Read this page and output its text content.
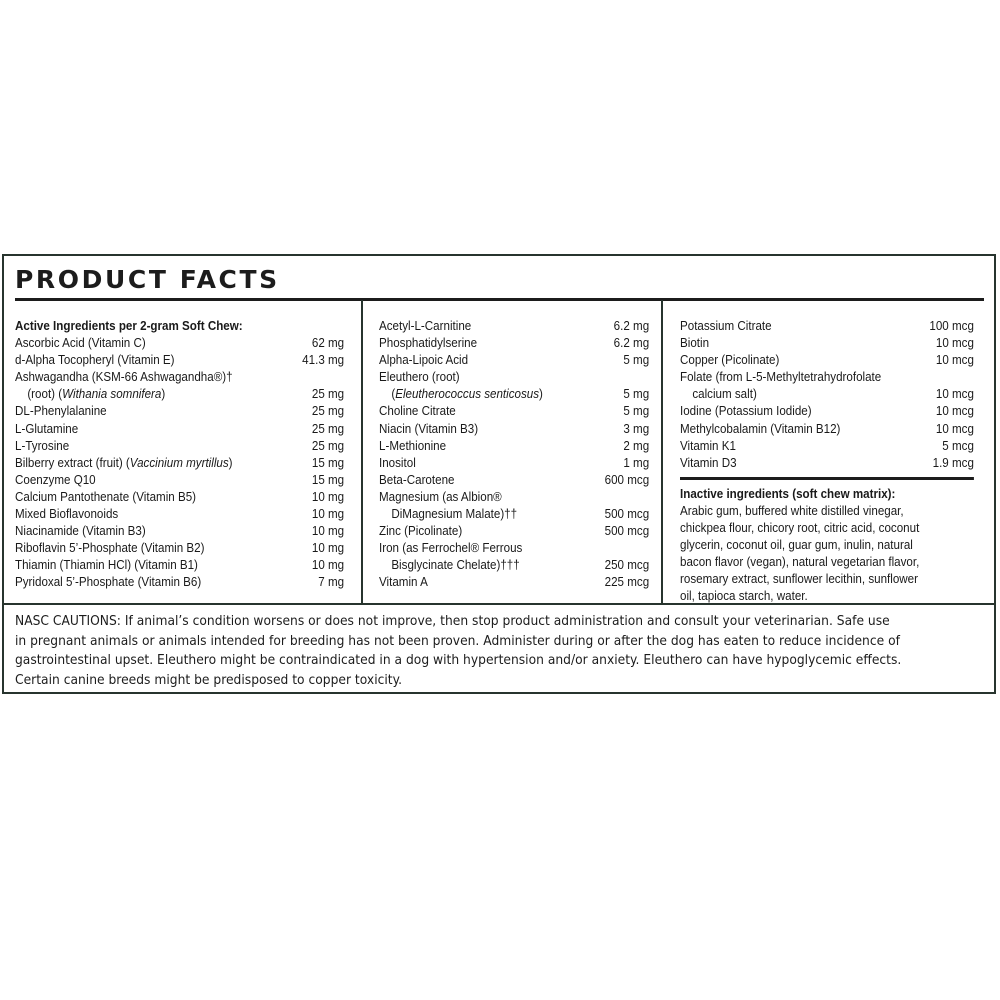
PRODUCT FACTS
Active Ingredients per 2-gram Soft Chew:
Ascorbic Acid (Vitamin C)	62 mg
d-Alpha Tocopheryl (Vitamin E)	41.3 mg
Ashwagandha (KSM-66 Ashwagandha®)†
(root) (Withania somnifera)	25 mg
DL-Phenylalanine	25 mg
L-Glutamine	25 mg
L-Tyrosine	25 mg
Bilberry extract (fruit) (Vaccinium myrtillus)	15 mg
Coenzyme Q10	15 mg
Calcium Pantothenate (Vitamin B5)	10 mg
Mixed Bioflavonoids	10 mg
Niacinamide (Vitamin B3)	10 mg
Riboflavin 5’-Phosphate (Vitamin B2)	10 mg
Thiamin (Thiamin HCl) (Vitamin B1)	10 mg
Pyridoxal 5’-Phosphate (Vitamin B6)	7 mg
Acetyl-L-Carnitine	6.2 mg
Phosphatidylserine	6.2 mg
Alpha-Lipoic Acid	5 mg
Eleuthero (root)
(Eleutherococcus senticosus)	5 mg
Choline Citrate	5 mg
Niacin (Vitamin B3)	3 mg
L-Methionine	2 mg
Inositol	1 mg
Beta-Carotene	600 mcg
Magnesium (as Albion®
DiMagnesium Malate)††	500 mcg
Zinc (Picolinate)	500 mcg
Iron (as Ferrochel® Ferrous
Bisglycinate Chelate)†††	250 mcg
Vitamin A	225 mcg
Potassium Citrate	100 mcg
Biotin	10 mcg
Copper (Picolinate)	10 mcg
Folate (from L-5-Methyltetrahydrofolate
calcium salt)	10 mcg
Iodine (Potassium Iodide)	10 mcg
Methylcobalamin (Vitamin B12)	10 mcg
Vitamin K1	5 mcg
Vitamin D3	1.9 mcg
Inactive ingredients (soft chew matrix):
Arabic gum, buffered white distilled vinegar,
chickpea flour, chicory root, citric acid, coconut
glycerin, coconut oil, guar gum, inulin, natural
bacon flavor (vegan), natural vegetarian flavor,
rosemary extract, sunflower lecithin, sunflower
oil, tapioca starch, water.
NASC CAUTIONS: If animal’s condition worsens or does not improve, then stop product administration and consult your veterinarian. Safe use
in pregnant animals or animals intended for breeding has not been proven. Administer during or after the dog has eaten to reduce incidence of
gastrointestinal upset. Eleuthero might be contraindicated in a dog with hypertension and/or anxiety. Eleuthero can have hypoglycemic effects.
Certain canine breeds might be predisposed to copper toxicity.
